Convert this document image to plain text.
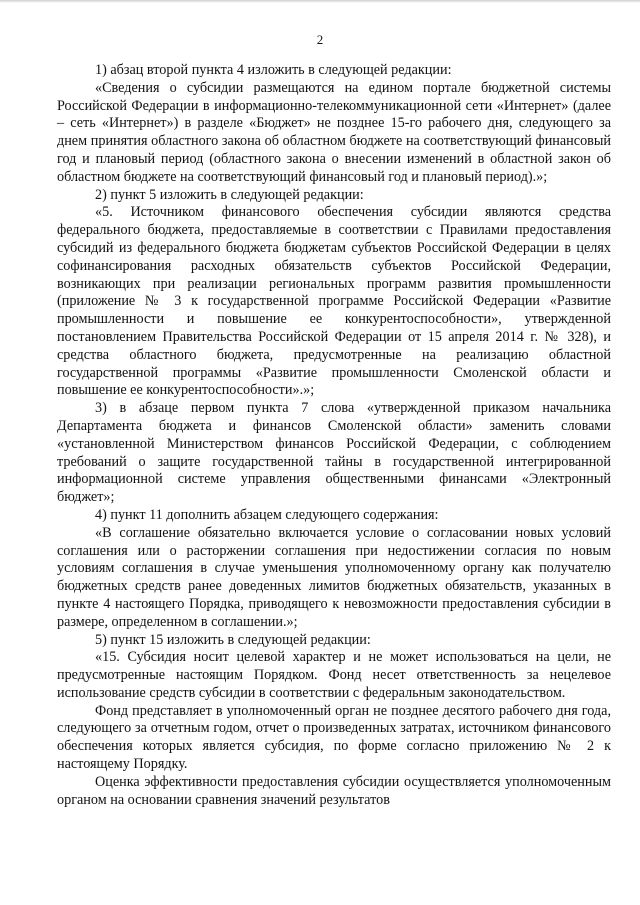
2

1) абзац второй пункта 4 изложить в следующей редакции:

«Сведения о субсидии размещаются на едином портале бюджетной системы Российской Федерации в информационно-телекоммуникационной сети «Интернет» (далее – сеть «Интернет») в разделе «Бюджет» не позднее 15-го рабочего дня, следующего за днем принятия областного закона об областном бюджете на соответствующий финансовый год и плановый период (областного закона о внесении изменений в областной закон об областном бюджете на соответствующий финансовый год и плановый период).»;

2) пункт 5 изложить в следующей редакции:

«5. Источником финансового обеспечения субсидии являются средства федерального бюджета, предоставляемые в соответствии с Правилами предоставления субсидий из федерального бюджета бюджетам субъектов Российской Федерации в целях софинансирования расходных обязательств субъектов Российской Федерации, возникающих при реализации региональных программ развития промышленности (приложение № 3 к государственной программе Российской Федерации «Развитие промышленности и повышение ее конкурентоспособности», утвержденной постановлением Правительства Российской Федерации от 15 апреля 2014 г. № 328), и средства областного бюджета, предусмотренные на реализацию областной государственной программы «Развитие промышленности Смоленской области и повышение ее конкурентоспособности».»;

3) в абзаце первом пункта 7 слова «утвержденной приказом начальника Департамента бюджета и финансов Смоленской области» заменить словами «установленной Министерством финансов Российской Федерации, с соблюдением требований о защите государственной тайны в государственной интегрированной информационной системе управления общественными финансами «Электронный бюджет»;

4) пункт 11 дополнить абзацем следующего содержания:

«В соглашение обязательно включается условие о согласовании новых условий соглашения или о расторжении соглашения при недостижении согласия по новым условиям соглашения в случае уменьшения уполномоченному органу как получателю бюджетных средств ранее доведенных лимитов бюджетных обязательств, указанных в пункте 4 настоящего Порядка, приводящего к невозможности предоставления субсидии в размере, определенном в соглашении.»;

5) пункт 15 изложить в следующей редакции:

«15. Субсидия носит целевой характер и не может использоваться на цели, не предусмотренные настоящим Порядком. Фонд несет ответственность за нецелевое использование средств субсидии в соответствии с федеральным законодательством.

Фонд представляет в уполномоченный орган не позднее десятого рабочего дня года, следующего за отчетным годом, отчет о произведенных затратах, источником финансового обеспечения которых является субсидия, по форме согласно приложению № 2 к настоящему Порядку.

Оценка эффективности предоставления субсидии осуществляется уполномоченным органом на основании сравнения значений результатов
